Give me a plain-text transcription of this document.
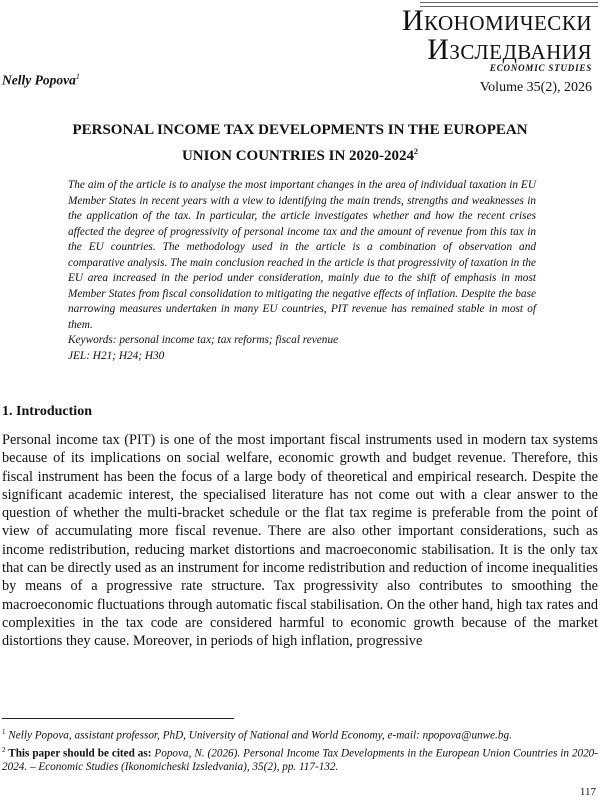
ИКОНОМИЧЕСКИ
ИЗСЛЕДВАНИЯ
ECONOMIC STUDIES
Nelly Popova$^1$
Volume 35(2), 2026
PERSONAL INCOME TAX DEVELOPMENTS IN THE EUROPEAN
UNION COUNTRIES IN 2020-2024$^2$

The aim of the article is to analyse the most important changes in the area of individual taxation in EU Member States in recent years with a view to identifying the main trends, strengths and weaknesses in the application of the tax. In particular, the article investigates whether and how the recent crises affected the degree of progressivity of personal income tax and the amount of revenue from this tax in the EU countries. The methodology used in the article is a combination of observation and comparative analysis. The main conclusion reached in the article is that progressivity of taxation in the EU area increased in the period under consideration, mainly due to the shift of emphasis in most Member States from fiscal consolidation to mitigating the negative effects of inflation. Despite the base narrowing measures undertaken in many EU countries, PIT revenue has remained stable in most of them.

Keywords: personal income tax; tax reforms; fiscal revenue
JEL: H21; H24; H30
1. Introduction

Personal income tax (PIT) is one of the most important fiscal instruments used in modern tax systems because of its implications on social welfare, economic growth and budget revenue. Therefore, this fiscal instrument has been the focus of a large body of theoretical and empirical research. Despite the significant academic interest, the specialised literature has not come out with a clear answer to the question of whether the multi-bracket schedule or the flat tax regime is preferable from the point of view of accumulating more fiscal revenue. There are also other important considerations, such as income redistribution, reducing market distortions and macroeconomic stabilisation. It is the only tax that can be directly used as an instrument for income redistribution and reduction of income inequalities by means of a progressive rate structure. Tax progressivity also contributes to smoothing the macroeconomic fluctuations through automatic fiscal stabilisation. On the other hand, high tax rates and complexities in the tax code are considered harmful to economic growth because of the market distortions they cause. Moreover, in periods of high inflation, progressive

$^1$ Nelly Popova, assistant professor, PhD, University of National and World Economy, e-mail: npopova@unwe.bg.

$^2$ This paper should be cited as: Popova, N. (2026). Personal Income Tax Developments in the European Union Countries in 2020-2024. – Economic Studies (Ikonomicheski Izsledvania), 35(2), pp. 117-132.

117
